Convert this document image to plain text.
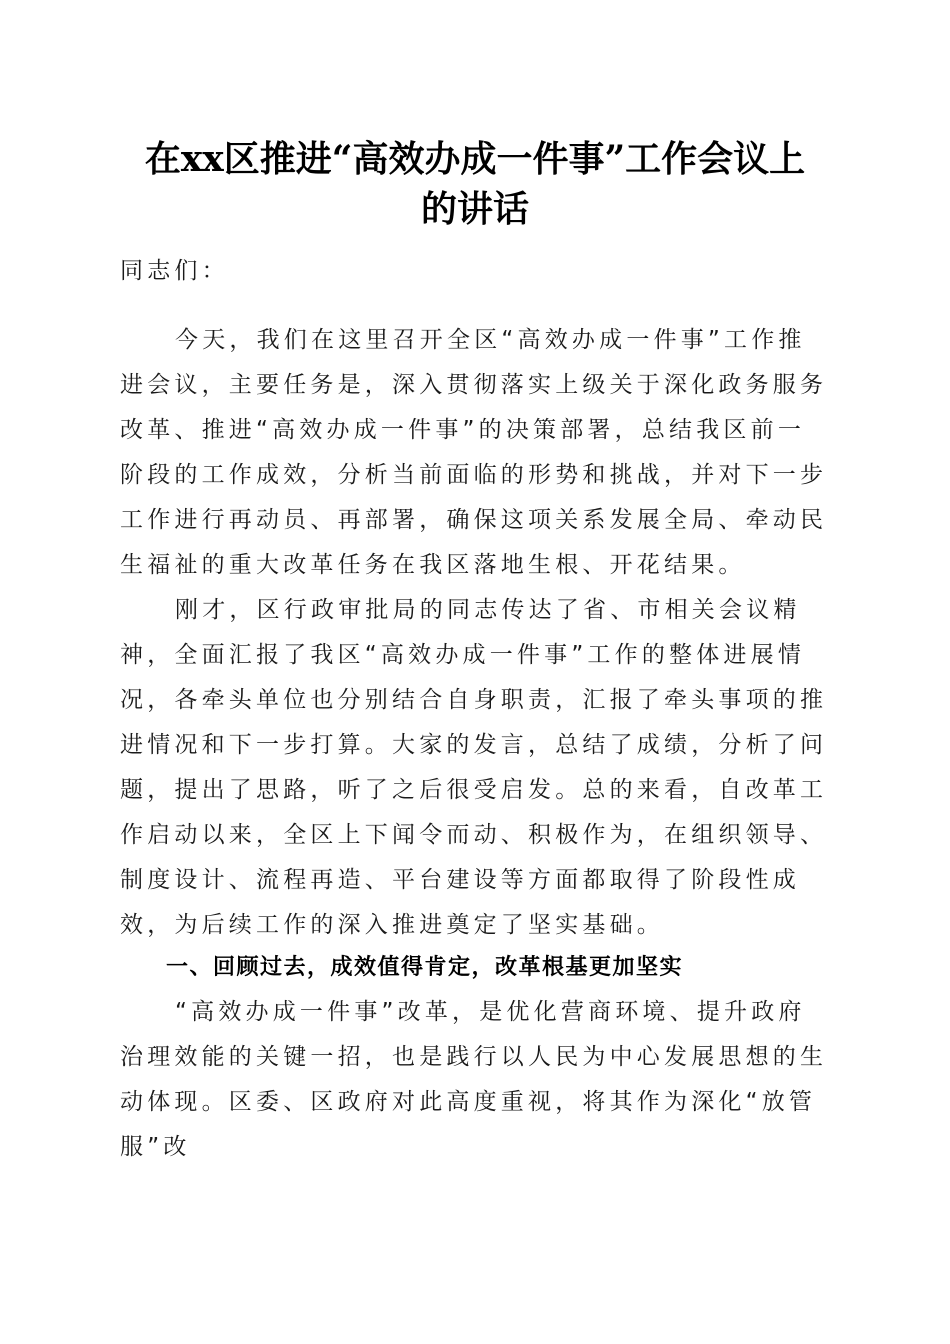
在xx区推进“高效办成一件事”工作会议上
的讲话

同志们：

今天，我们在这里召开全区“高效办成一件事”工作推进会议，主要任务是，深入贯彻落实上级关于深化政务服务改革、推进“高效办成一件事”的决策部署，总结我区前一阶段的工作成效，分析当前面临的形势和挑战，并对下一步工作进行再动员、再部署，确保这项关系发展全局、牵动民生福祉的重大改革任务在我区落地生根、开花结果。

刚才，区行政审批局的同志传达了省、市相关会议精神，全面汇报了我区“高效办成一件事”工作的整体进展情况，各牵头单位也分别结合自身职责，汇报了牵头事项的推进情况和下一步打算。大家的发言，总结了成绩，分析了问题，提出了思路，听了之后很受启发。总的来看，自改革工作启动以来，全区上下闻令而动、积极作为，在组织领导、制度设计、流程再造、平台建设等方面都取得了阶段性成效，为后续工作的深入推进奠定了坚实基础。

一、回顾过去，成效值得肯定，改革根基更加坚实

“高效办成一件事”改革，是优化营商环境、提升政府治理效能的关键一招，也是践行以人民为中心发展思想的生动体现。区委、区政府对此高度重视，将其作为深化“放管服”改
